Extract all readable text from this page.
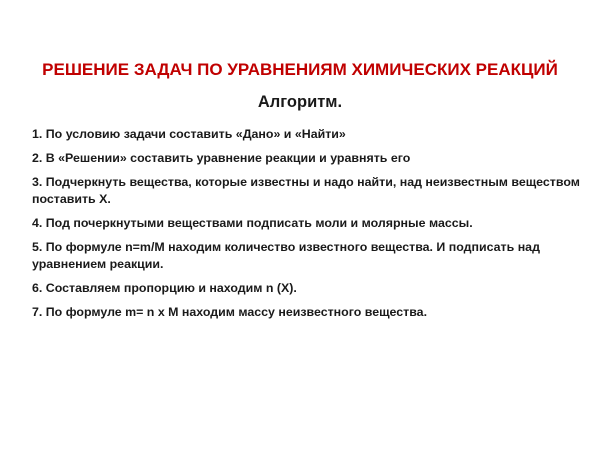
РЕШЕНИЕ ЗАДАЧ ПО УРАВНЕНИЯМ ХИМИЧЕСКИХ РЕАКЦИЙ
Алгоритм.
1. По условию задачи составить «Дано» и «Найти»
2. В «Решении» составить уравнение реакции и уравнять его
3. Подчеркнуть вещества, которые известны и надо найти, над неизвестным веществом поставить Х.
4. Под почеркнутыми веществами подписать моли и молярные массы.
5. По формуле n=m/M находим количество известного вещества. И подписать над уравнением реакции.
6. Составляем пропорцию и находим n (Х).
7. По формуле m= n x M находим массу неизвестного вещества.
